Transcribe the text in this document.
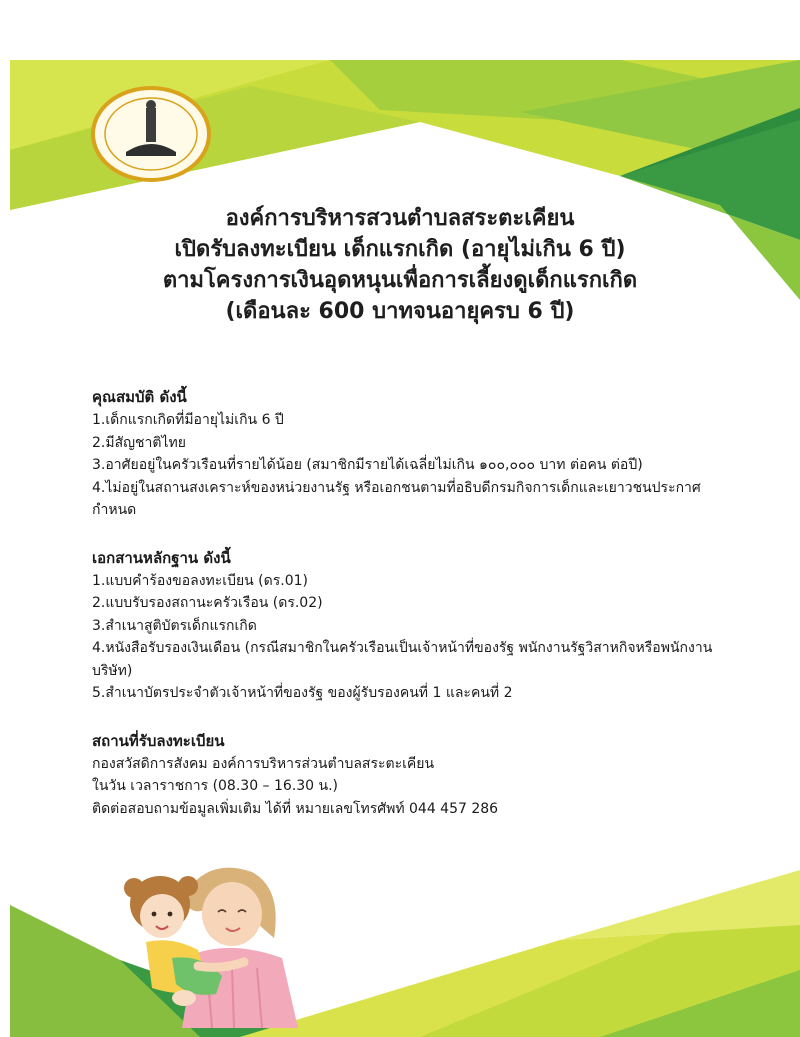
องค์การบริหารสวนตำบลสระตะเคียน
เปิดรับลงทะเบียน เด็กแรกเกิด (อายุไม่เกิน 6 ปี)
ตามโครงการเงินอุดหนุนเพื่อการเลี้ยงดูเด็กแรกเกิด
(เดือนละ 600 บาทจนอายุครบ 6 ปี)
คุณสมบัติ ดังนี้

1.เด็กแรกเกิดที่มีอายุไม่เกิน 6 ปี

2.มีสัญชาติไทย

3.อาศัยอยู่ในครัวเรือนที่รายได้น้อย (สมาชิกมีรายได้เฉลี่ยไม่เกิน ๑๐๐,๐๐๐ บาท ต่อคน ต่อปี)

4.ไม่อยู่ในสถานสงเคราะห์ของหน่วยงานรัฐ หรือเอกชนตามที่อธิบดีกรมกิจการเด็กและเยาวชนประกาศกำหนด

เอกสานหลักฐาน ดังนี้

1.แบบคำร้องขอลงทะเบียน (ดร.01)

2.แบบรับรองสถานะครัวเรือน (ดร.02)

3.สำเนาสูติบัตรเด็กแรกเกิด

4.หนังสือรับรองเงินเดือน (กรณีสมาชิกในครัวเรือนเป็นเจ้าหน้าที่ของรัฐ พนักงานรัฐวิสาหกิจหรือพนักงานบริษัท)

5.สำเนาบัตรประจำตัวเจ้าหน้าที่ของรัฐ ของผู้รับรองคนที่ 1 และคนที่ 2

สถานที่รับลงทะเบียน

กองสวัสดิการสังคม องค์การบริหารส่วนตำบลสระตะเคียน

ในวัน เวลาราชการ (08.30 – 16.30 น.)

ติดต่อสอบถามข้อมูลเพิ่มเติม ได้ที่ หมายเลขโทรศัพท์ 044 457 286
